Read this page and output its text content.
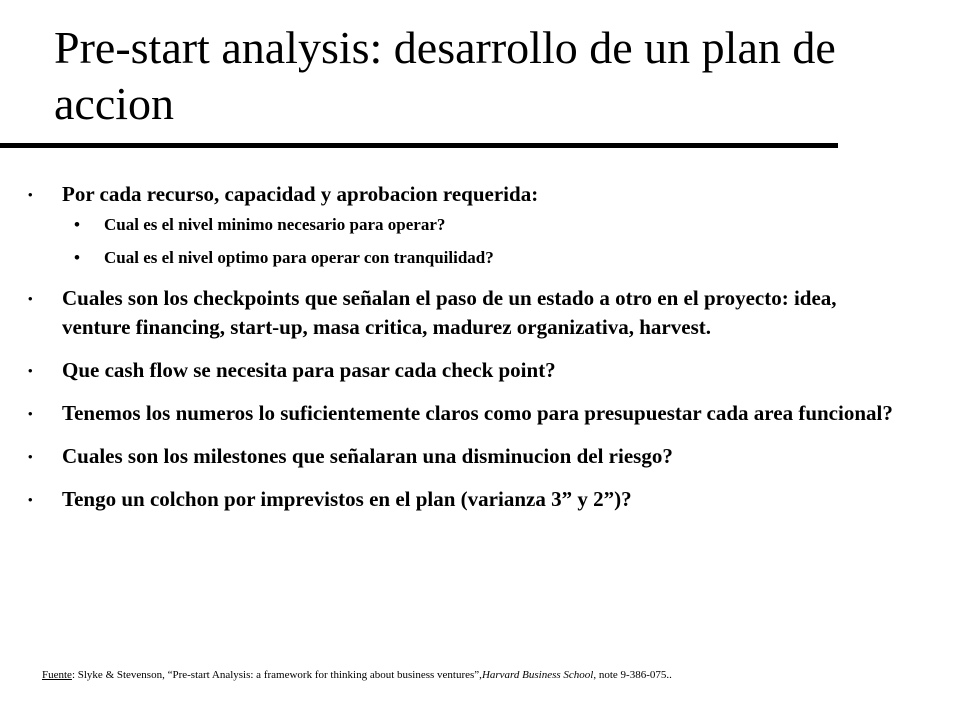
Pre-start analysis: desarrollo de un plan de accion
• Por cada recurso, capacidad y aprobacion requerida:
• Cual es el nivel minimo necesario para operar?
• Cual es el nivel optimo para operar con tranquilidad?
• Cuales son los checkpoints que señalan el paso de un estado a otro en el proyecto: idea, venture financing, start-up, masa critica, madurez organizativa, harvest.
• Que cash flow se necesita para pasar cada check point?
• Tenemos los numeros lo suficientemente claros como para presupuestar cada area funcional?
• Cuales son los milestones que señalaran una disminucion del riesgo?
• Tengo un colchon por imprevistos en el plan (varianza 3” y 2”)?
Fuente: Slyke & Stevenson, “Pre-start Analysis: a framework for thinking about business ventures”,Harvard Business School, note 9-386-075..
